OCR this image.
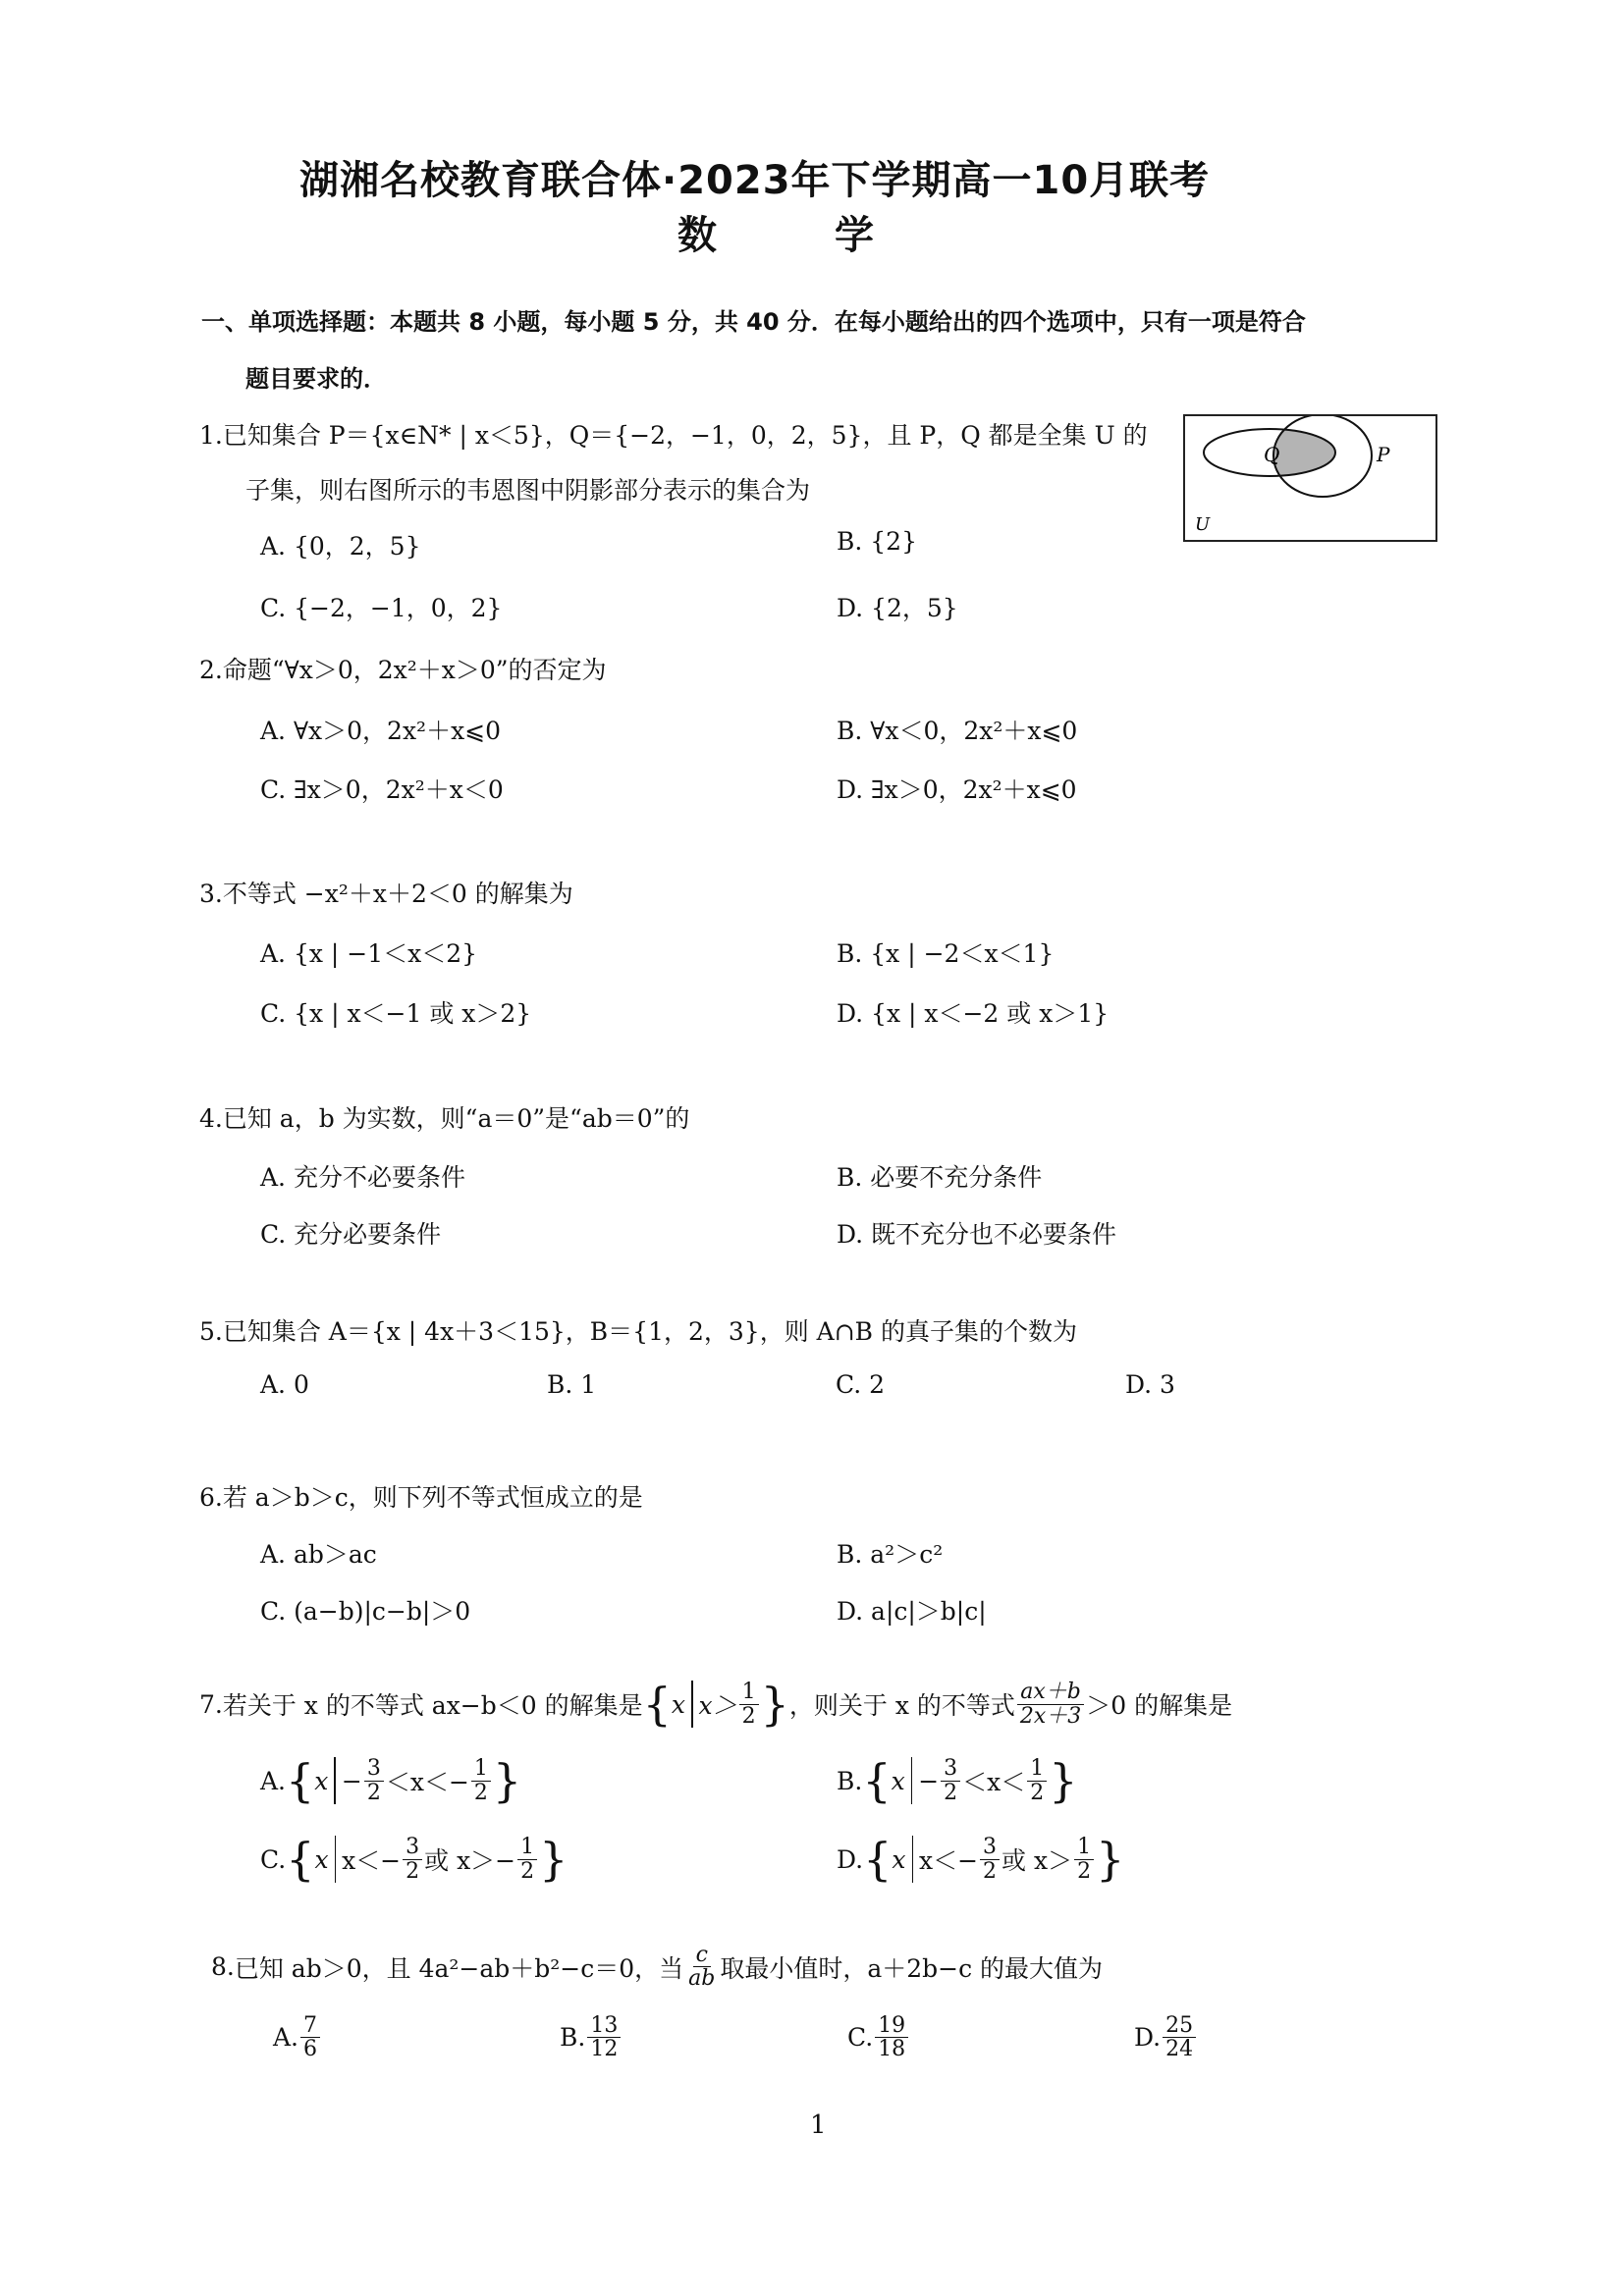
湖湘名校教育联合体·2023年下学期高一10月联考
数　　　学
一、单项选择题：本题共 8 小题，每小题 5 分，共 40 分．在每小题给出的四个选项中，只有一项是符合
题目要求的．
1.已知集合 P＝{x∈N* | x＜5}，Q＝{−2，−1，0，2，5}，且 P，Q 都是全集 U 的
子集，则右图所示的韦恩图中阴影部分表示的集合为
A. {0，2，5}	B. {2}
C. {−2，−1，0，2}	D. {2，5}
Q	P
U
2.命题“∀x＞0，2x²＋x＞0”的否定为
A. ∀x＞0，2x²＋x⩽0	B. ∀x＜0，2x²＋x⩽0
C. ∃x＞0，2x²＋x＜0	D. ∃x＞0，2x²＋x⩽0
3.不等式 −x²＋x＋2＜0 的解集为
A. {x | −1＜x＜2}	B. {x | −2＜x＜1}
C. {x | x＜−1 或 x＞2}	D. {x | x＜−2 或 x＞1}
4.已知 a，b 为实数，则“a＝0”是“ab＝0”的
A. 充分不必要条件	B. 必要不充分条件
C. 充分必要条件	D. 既不充分也不必要条件
5.已知集合 A＝{x | 4x＋3＜15}，B＝{1，2，3}，则 A∩B 的真子集的个数为
A. 0	B. 1	C. 2	D. 3
6.若 a＞b＞c，则下列不等式恒成立的是
A. ab＞ac	B. a²＞c²
C. (a−b)|c−b|＞0	D. a|c|＞b|c|
7. 若关于 x 的不等式 ax−b＜0 的解集是 { x $x> \frac{1}{2}$ } ，则关于 x 的不等式 $\frac{ax+b}{2x+3} >0$ 的解集是
A. { $x - \frac{3}{2} <x<- \frac{1}{2}$ }	B. { $x - \frac{3}{2} <x< \frac{1}{2}$ }
C. { x $x<- \frac{3}{2}$ 或 $x>- \frac{1}{2}$ }	D. { x $x<- \frac{3}{2}$ 或 $x> \frac{1}{2}$ }
8. 已知 ab＞0，且 4a²−ab＋b²−c＝0，当 $\frac{c}{ab}$ 取最小值时，a＋2b−c 的最大值为
A. $\frac{7}{6}$	B. $\frac{13}{12}$	C. $\frac{19}{18}$	D. $\frac{25}{24}$
1
